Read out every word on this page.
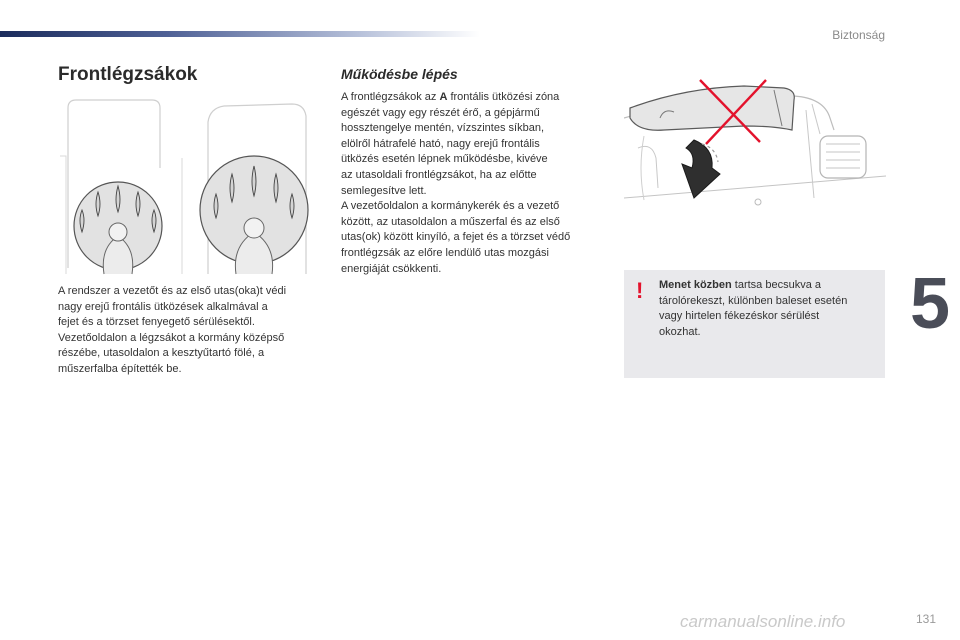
Biztonság
5
Frontlégzsákok

A rendszer a vezetőt és az első utas(oka)t védi
nagy erejű frontális ütközések alkalmával a
fejet és a törzset fenyegető sérülésektől.
Vezetőoldalon a légzsákot a kormány középső
részébe, utasoldalon a kesztyűtartó fölé, a
műszerfalba építették be.

Működésbe lépés

A frontlégzsákok az A frontális ütközési zóna
egészét vagy egy részét érő, a gépjármű
hossztengelye mentén, vízszintes síkban,
elölről hátrafelé ható, nagy erejű frontális
ütközés esetén lépnek működésbe, kivéve
az utasoldali frontlégzsákot, ha az előtte
semlegesítve lett.
A vezetőoldalon a kormánykerék és a vezető
között, az utasoldalon a műszerfal és az első
utas(ok) között kinyíló, a fejet és a törzset védő
frontlégzsák az előre lendülő utas mozgási
energiáját csökkenti.

! Menet közben tartsa becsukva a
tárolórekeszt, különben baleset esetén
vagy hirtelen fékezéskor sérülést
okozhat.

carmanualsonline.info	131
